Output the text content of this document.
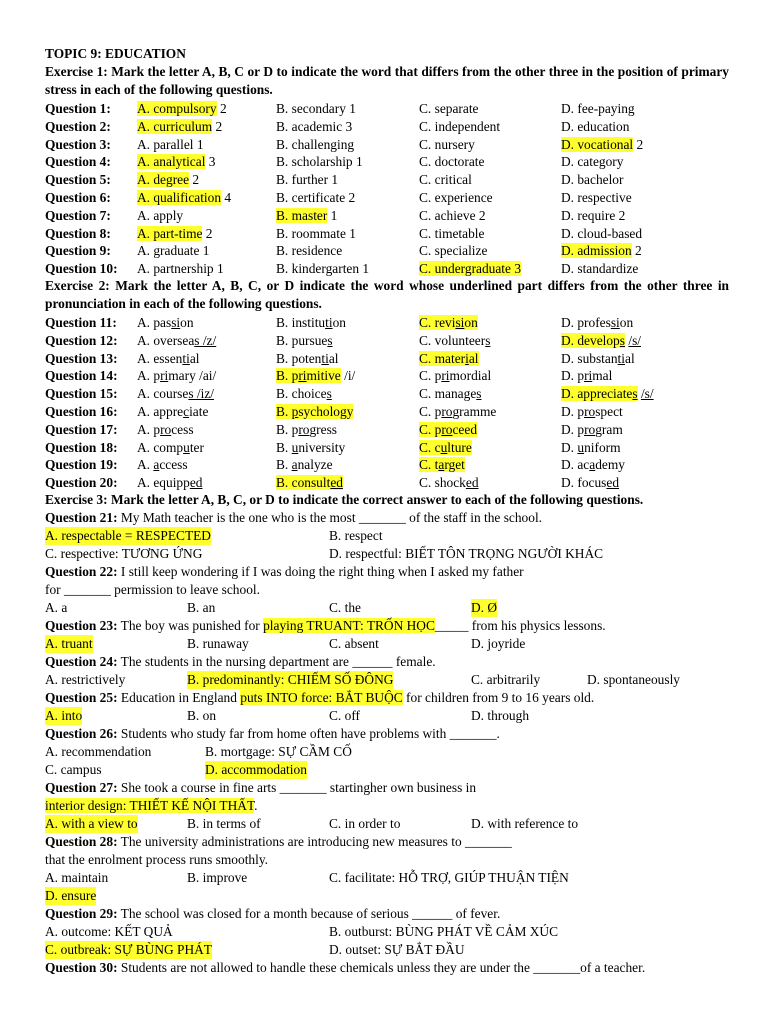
TOPIC 9: EDUCATION
Exercise 1: Mark the letter A, B, C or D to indicate the word that differs from the other three in the position of primary stress in each of the following questions.
Question 1: A. compulsory 2	B. secondary 1	C. separate	D. fee-paying
Question 2: A. curriculum 2	B. academic 3	C. independent	D. education
Question 3: A. parallel 1	B. challenging	C. nursery	D. vocational 2
Question 4: A. analytical 3	B. scholarship 1	C. doctorate	D. category
Question 5: A. degree 2	B. further 1	C. critical	D. bachelor
Question 6: A. qualification 4	B. certificate 2	C. experience	D. respective
Question 7: A. apply	B. master 1	C. achieve 2	D. require 2
Question 8: A. part-time 2	B. roommate 1	C. timetable	D. cloud-based
Question 9: A. graduate 1	B. residence	C. specialize	D. admission 2
Question 10: A. partnership 1	B. kindergarten 1	C. undergraduate 3	D. standardize
Exercise 2: Mark the letter A, B, C, or D indicate the word whose underlined part differs from the other three in pronunciation in each of the following questions.
Question 11: A. passion	B. institution	C. revision	D. profession
Question 12: A. overseas /z/	B. pursues	C. volunteers	D. develops /s/
Question 13: A. essential	B. potential	C. material	D. substantial
Question 14: A. primary /ai/	B. primitive /i/	C. primordial	D. primal
Question 15: A. courses /iz/	B. choices	C. manages	D. appreciates /s/
Question 16: A. appreciate	B. psychology	C. programme	D. prospect
Question 17: A. process	B. progress	C. proceed	D. program
Question 18: A. computer	B. university	C. culture	D. uniform
Question 19: A. access	B. analyze	C. target	D. academy
Question 20: A. equipped	B. consulted	C. shocked	D. focused
Exercise 3: Mark the letter A, B, C, or D to indicate the correct answer to each of the following questions.
Question 21: My Math teacher is the one who is the most _______ of the staff in the school.
A. respectable = RESPECTED	B. respect
C. respective: TƯƠNG ỨNG	D. respectful: BIẾT TÔN TRỌNG NGƯỜI KHÁC
Question 22: I still keep wondering if I was doing the right thing when I asked my father
for _______ permission to leave school.
A. a	B. an	C. the	D. Ø
Question 23: The boy was punished for playing TRUANT: TRỐN HỌC_____ from his physics lessons.
A. truant	B. runaway	C. absent	D. joyride
Question 24: The students in the nursing department are ______ female.
A. restrictively	B. predominantly: CHIẾM SỐ ĐÔNG	C. arbitrarily	D. spontaneously
Question 25: Education in England puts INTO force: BẮT BUỘC for children from 9 to 16 years old.
A. into	B. on	C. off	D. through
Question 26: Students who study far from home often have problems with _______.
A. recommendation	B. mortgage: SỰ CẦM CỐ
C. campus	D. accommodation
Question 27: She took a course in fine arts _______ startingher own business in
interior design: THIẾT KẾ NỘI THẤT.
A. with a view to	B. in terms of	C. in order to	D. with reference to
Question 28: The university administrations are introducing new measures to _______
that the enrolment process runs smoothly.
A. maintain	B. improve	C. facilitate: HỖ TRỢ, GIÚP THUẬN TIỆN
D. ensure
Question 29: The school was closed for a month because of serious ______ of fever.
A. outcome: KẾT QUẢ	B. outburst: BÙNG PHÁT VỀ CẢM XÚC
C. outbreak: SỰ BÙNG PHÁT	D. outset: SỰ BẮT ĐẦU
Question 30: Students are not allowed to handle these chemicals unless they are under the _______of a teacher.
